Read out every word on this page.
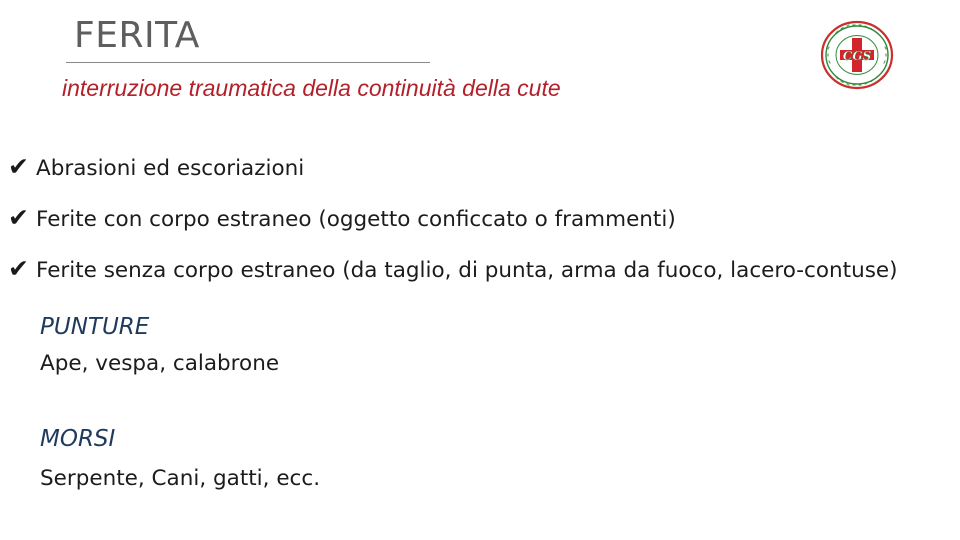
FERITA
interruzione traumatica della continuità della cute
CGS
✔ Abrasioni ed escoriazioni
✔ Ferite con corpo estraneo (oggetto conficcato o frammenti)
✔ Ferite senza corpo estraneo (da taglio, di punta, arma da fuoco, lacero-contuse)
PUNTURE
Ape, vespa, calabrone
MORSI
Serpente, Cani, gatti, ecc.
